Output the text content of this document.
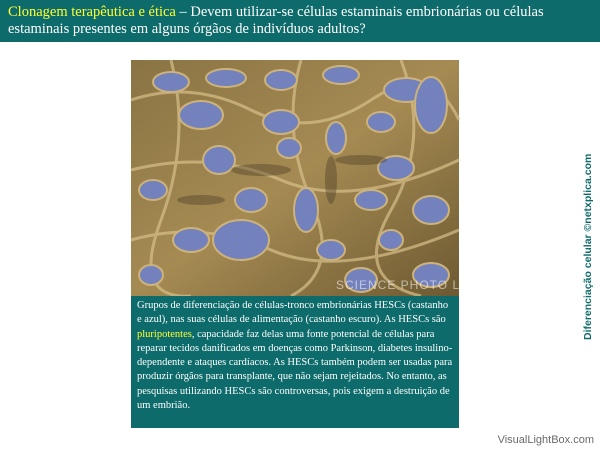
Clonagem terapêutica e ética – Devem utilizar-se células estaminais embrionárias ou células estaminais presentes em alguns órgãos de indivíduos adultos?
SCIENCE PHOTO LIBRARY
Grupos de diferenciação de células-tronco embrionárias HESCs (castanho e azul), nas suas células de alimentação (castanho escuro). As HESCs são pluripotentes, capacidade faz delas uma fonte potencial de células para reparar tecidos danificados em doenças como Parkinson, diabetes insulino-dependente e ataques cardíacos. As HESCs também podem ser usadas para produzir órgãos para transplante, que não sejam rejeitados. No entanto, as pesquisas utilizando HESCs são controversas, pois exigem a destruição de um embrião.
Diferenciação celular ©netxplica.com
VisualLightBox.com
